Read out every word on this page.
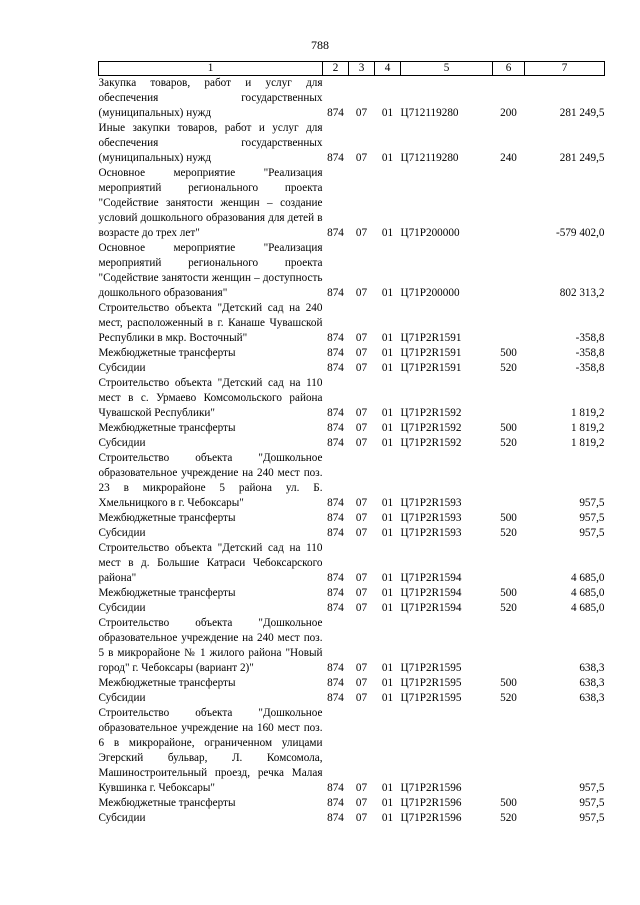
788
1	2	3	4	5	6	7
Закупка товаров, работ и услуг для обеспечения государственных (муниципальных) нужд	874	07	01	Ц712119280	200	281 249,5
Иные закупки товаров, работ и услуг для обеспечения государственных (муниципальных) нужд	874	07	01	Ц712119280	240	281 249,5
Основное мероприятие "Реализация мероприятий регионального проекта "Содействие занятости женщин – создание условий дошкольного образования для детей в возрасте до трех лет"	874	07	01	Ц71Р200000		-579 402,0
Основное мероприятие "Реализация мероприятий регионального проекта "Содействие занятости женщин – доступность дошкольного образования"	874	07	01	Ц71Р200000		802 313,2
Строительство объекта "Детский сад на 240 мест, расположенный в г. Канаше Чувашской Республики в мкр. Восточный"	874	07	01	Ц71Р2R1591		-358,8
Межбюджетные трансферты	874	07	01	Ц71Р2R1591	500	-358,8
Субсидии	874	07	01	Ц71Р2R1591	520	-358,8
Строительство объекта "Детский сад на 110 мест в с. Урмаево Комсомольского района Чувашской Республики"	874	07	01	Ц71Р2R1592		1 819,2
Межбюджетные трансферты	874	07	01	Ц71Р2R1592	500	1 819,2
Субсидии	874	07	01	Ц71Р2R1592	520	1 819,2
Строительство объекта "Дошкольное образовательное учреждение на 240 мест поз. 23 в микрорайоне 5 района ул. Б. Хмельницкого в г. Чебоксары"	874	07	01	Ц71Р2R1593		957,5
Межбюджетные трансферты	874	07	01	Ц71Р2R1593	500	957,5
Субсидии	874	07	01	Ц71Р2R1593	520	957,5
Строительство объекта "Детский сад на 110 мест в д. Большие Катраси Чебоксарского района"	874	07	01	Ц71Р2R1594		4 685,0
Межбюджетные трансферты	874	07	01	Ц71Р2R1594	500	4 685,0
Субсидии	874	07	01	Ц71Р2R1594	520	4 685,0
Строительство объекта "Дошкольное образовательное учреждение на 240 мест поз. 5 в микрорайоне № 1 жилого района "Новый город" г. Чебоксары (вариант 2)"	874	07	01	Ц71Р2R1595		638,3
Межбюджетные трансферты	874	07	01	Ц71Р2R1595	500	638,3
Субсидии	874	07	01	Ц71Р2R1595	520	638,3
Строительство объекта "Дошкольное образовательное учреждение на 160 мест поз. 6 в микрорайоне, ограниченном улицами Эгерский бульвар, Л. Комсомола, Машиностроительный проезд, речка Малая Кувшинка г. Чебоксары"	874	07	01	Ц71Р2R1596		957,5
Межбюджетные трансферты	874	07	01	Ц71Р2R1596	500	957,5
Субсидии	874	07	01	Ц71Р2R1596	520	957,5
